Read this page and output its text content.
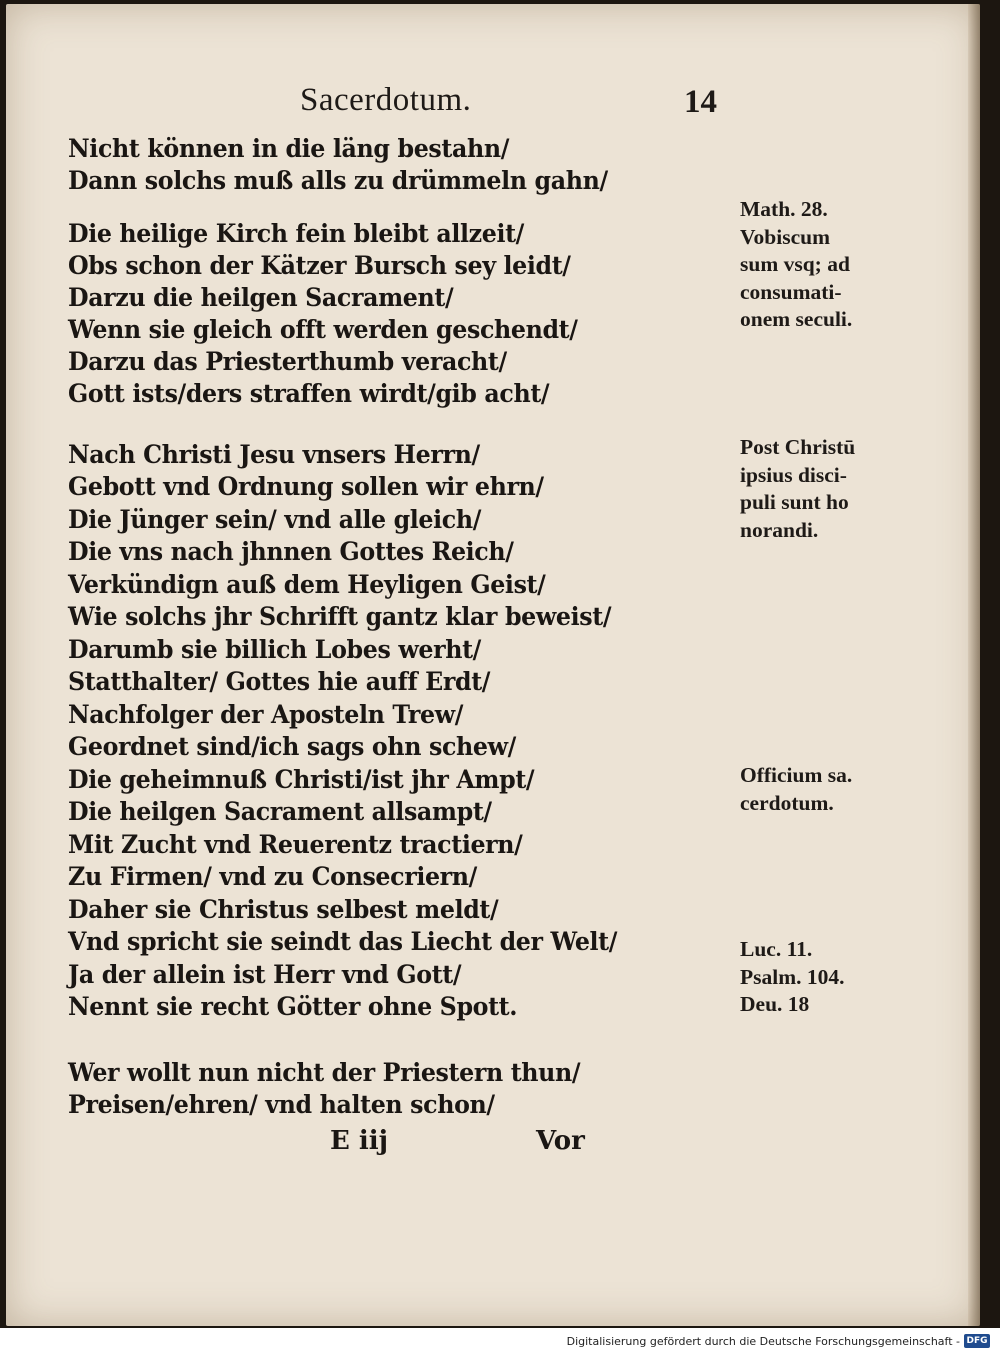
Sacerdotum.	14
Nicht können in die läng bestahn/
Dann solchs muß alls zu drümmeln gahn/
Die heilige Kirch fein bleibt allzeit/
Obs schon der Kätzer Bursch sey leidt/
Darzu die heilgen Sacrament/
Wenn sie gleich offt werden geschendt/
Darzu das Priesterthumb veracht/
Gott ists/ders straffen wirdt/gib acht/
Nach Christi Jesu vnsers Herrn/
Gebott vnd Ordnung sollen wir ehrn/
Die Jünger sein/ vnd alle gleich/
Die vns nach jhnnen Gottes Reich/
Verkündign auß dem Heyligen Geist/
Wie solchs jhr Schrifft gantz klar beweist/
Darumb sie billich Lobes werht/
Statthalter/ Gottes hie auff Erdt/
Nachfolger der Aposteln Trew/
Geordnet sind/ich sags ohn schew/
Die geheimnuß Christi/ist jhr Ampt/
Die heilgen Sacrament allsampt/
Mit Zucht vnd Reuerentz tractiern/
Zu Firmen/ vnd zu Consecriern/
Daher sie Christus selbest meldt/
Vnd spricht sie seindt das Liecht der Welt/
Ja der allein ist Herr vnd Gott/
Nennt sie recht Götter ohne Spott.
Wer wollt nun nicht der Priestern thun/
Preisen/ehren/ vnd halten schon/
Math. 28.
Vobiscum
sum vsq; ad
consumati-
onem seculi.
Post Christū
ipsius disci-
puli sunt ho
norandi.
Officium sa.
cerdotum.
Luc. 11.
Psalm. 104.
Deu. 18
E iij	Vor
Digitalisierung gefördert durch die Deutsche Forschungsgemeinschaft - DFG
